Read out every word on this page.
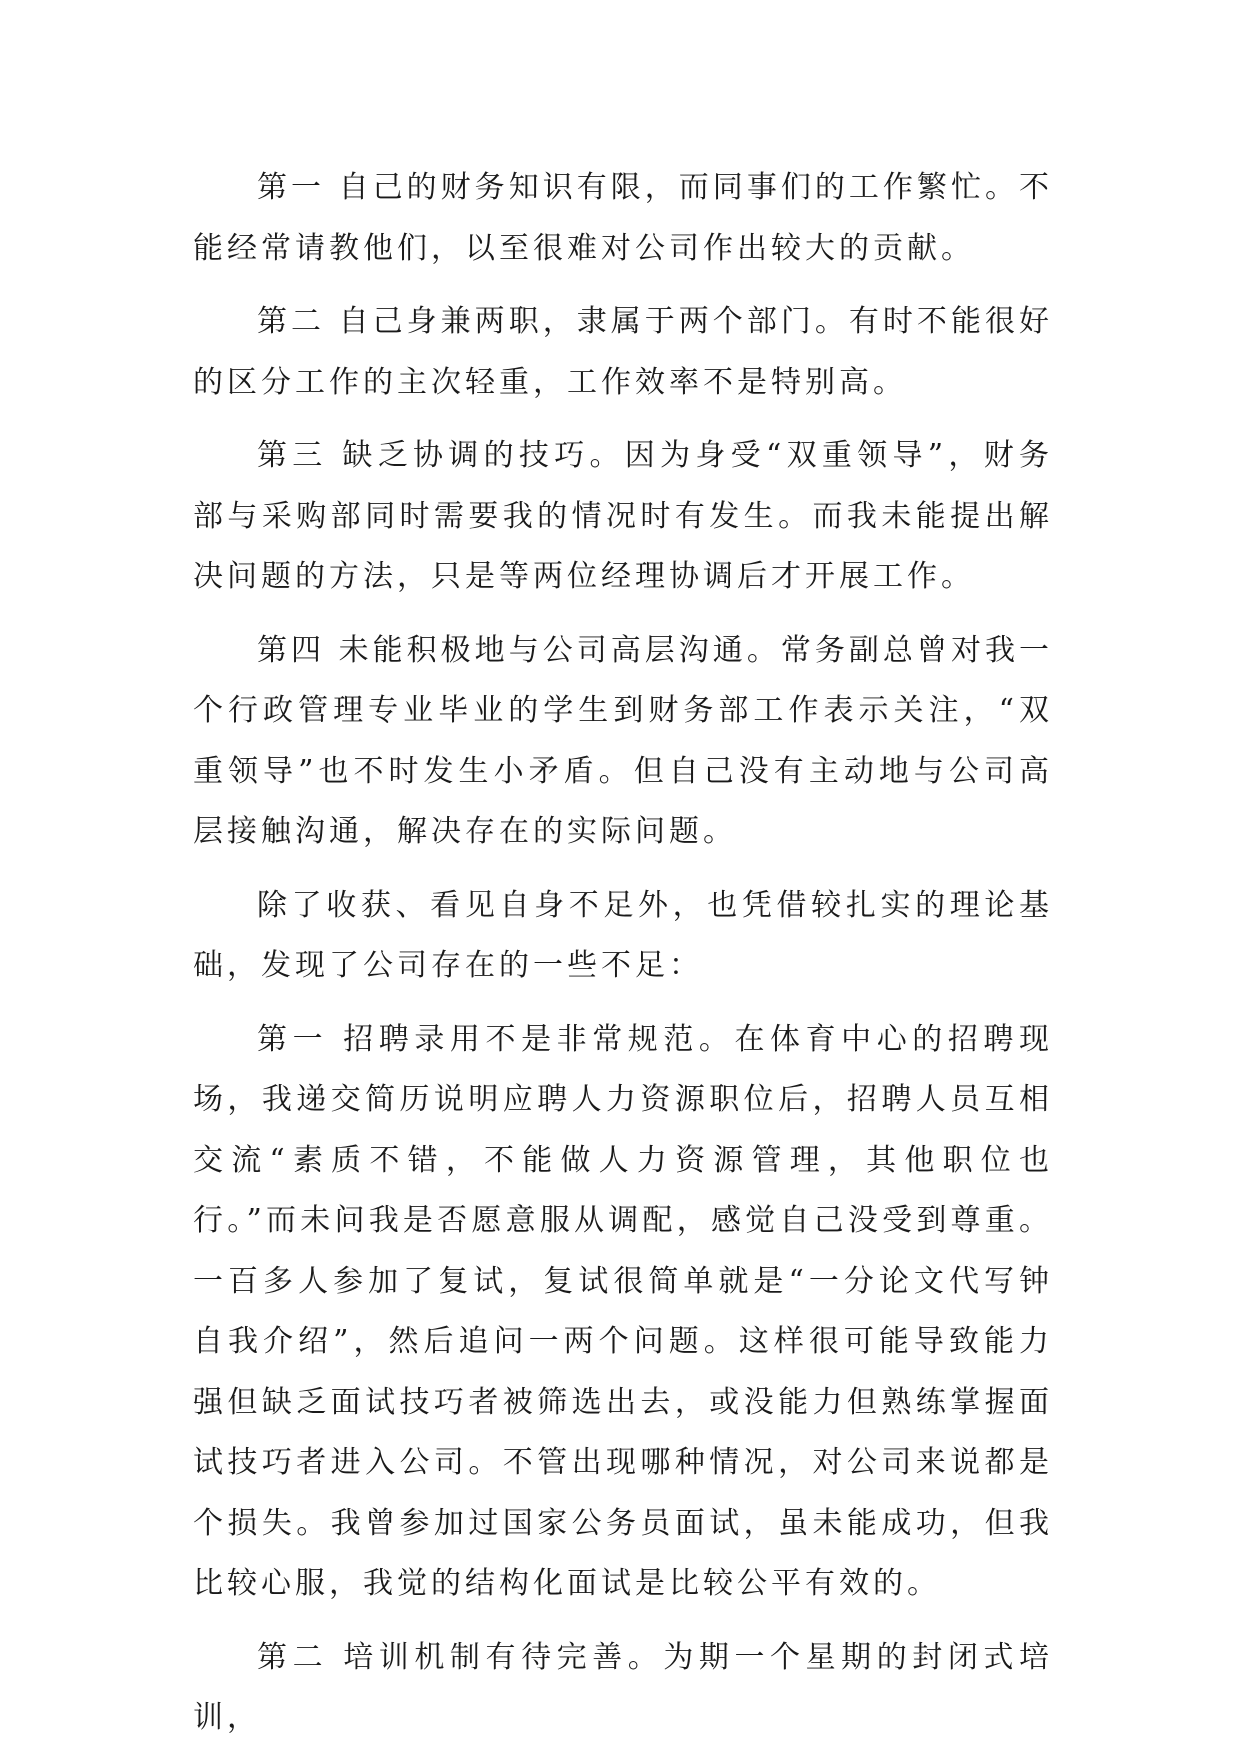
第一 自己的财务知识有限，而同事们的工作繁忙。不能经常请教他们，以至很难对公司作出较大的贡献。

第二 自己身兼两职，隶属于两个部门。有时不能很好的区分工作的主次轻重，工作效率不是特别高。

第三 缺乏协调的技巧。因为身受“双重领导”，财务部与采购部同时需要我的情况时有发生。而我未能提出解决问题的方法，只是等两位经理协调后才开展工作。

第四 未能积极地与公司高层沟通。常务副总曾对我一个行政管理专业毕业的学生到财务部工作表示关注，“双重领导”也不时发生小矛盾。但自己没有主动地与公司高层接触沟通，解决存在的实际问题。

除了收获、看见自身不足外，也凭借较扎实的理论基础，发现了公司存在的一些不足：

第一 招聘录用不是非常规范。在体育中心的招聘现场，我递交简历说明应聘人力资源职位后，招聘人员互相交流“素质不错，不能做人力资源管理，其他职位也行。”而未问我是否愿意服从调配，感觉自己没受到尊重。一百多人参加了复试，复试很简单就是“一分论文代写钟自我介绍”，然后追问一两个问题。这样很可能导致能力强但缺乏面试技巧者被筛选出去，或没能力但熟练掌握面试技巧者进入公司。不管出现哪种情况，对公司来说都是个损失。我曾参加过国家公务员面试，虽未能成功，但我比较心服，我觉的结构化面试是比较公平有效的。

第二 培训机制有待完善。为期一个星期的封闭式培训，
